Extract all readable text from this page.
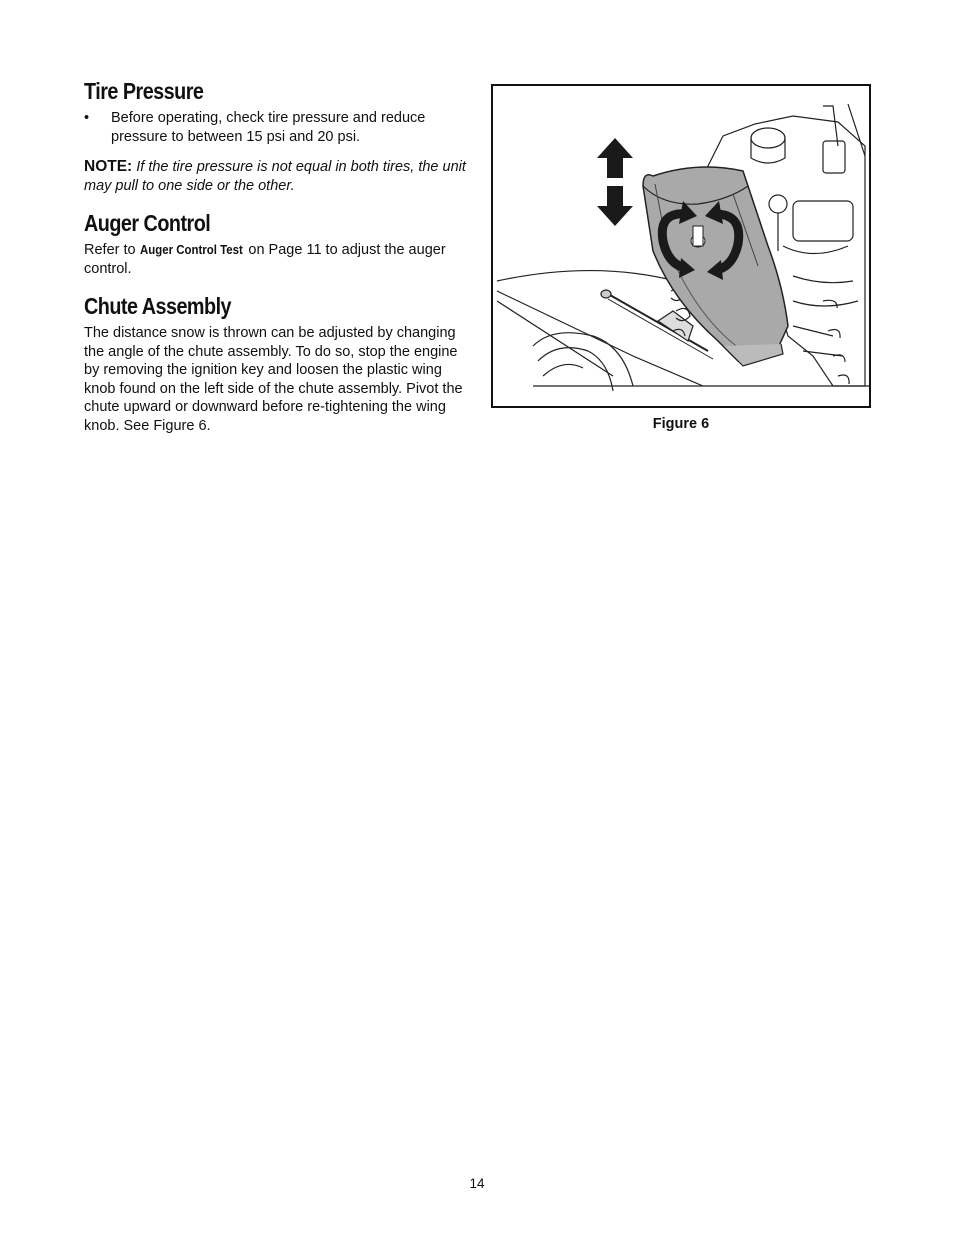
Tire Pressure
•	Before operating, check tire pressure and reduce pressure to between 15 psi and 20 psi.

NOTE: If the tire pressure is not equal in both tires, the unit may pull to one side or the other.

Auger Control

Refer to Auger Control Test on Page 11 to adjust the auger control.

Chute Assembly

The distance snow is thrown can be adjusted by changing the angle of the chute assembly. To do so, stop the engine by removing the ignition key and loosen the plastic wing knob found on the left side of the chute assembly. Pivot the chute upward or downward before re-tightening the wing knob. See Figure 6.	Figure 6
14
